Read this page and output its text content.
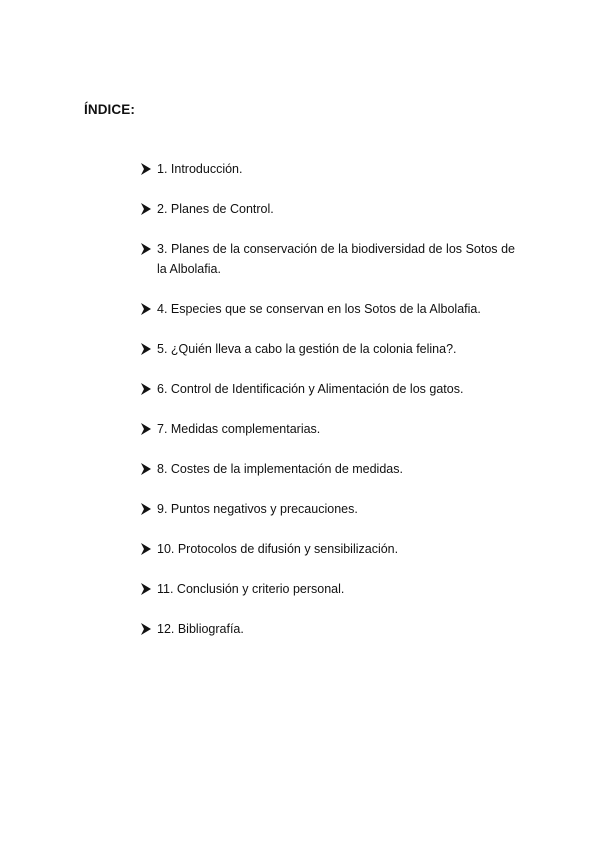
ÍNDICE:
1. Introducción.
2. Planes de Control.
3. Planes de la conservación de la biodiversidad de los Sotos de la Albolafia.
4. Especies que se conservan en los Sotos de la Albolafia.
5. ¿Quién lleva a cabo la gestión de la colonia felina?.
6. Control de Identificación y Alimentación de los gatos.
7. Medidas complementarias.
8. Costes de la implementación de medidas.
9. Puntos negativos y precauciones.
10. Protocolos de difusión y sensibilización.
11. Conclusión y criterio personal.
12. Bibliografía.
